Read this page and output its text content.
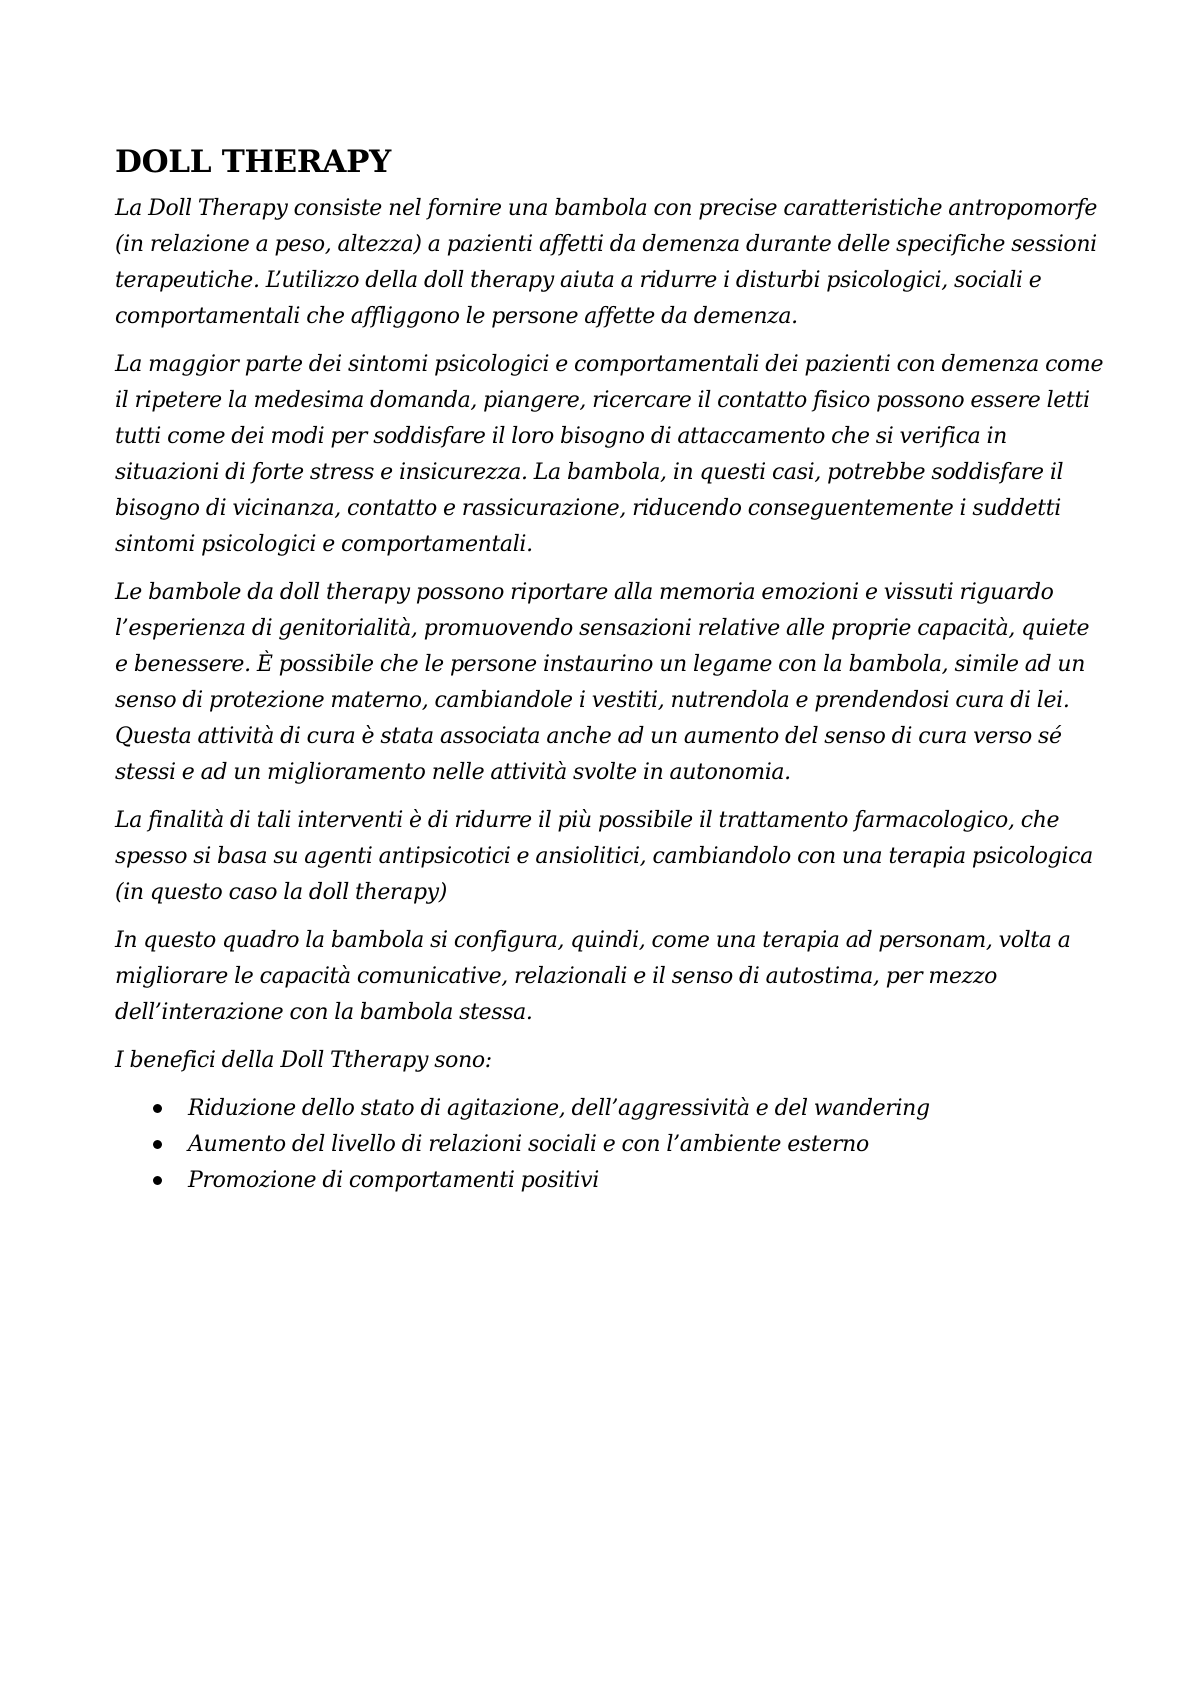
DOLL THERAPY

La Doll Therapy consiste nel fornire una bambola con precise caratteristiche antropomorfe (in relazione a peso, altezza) a pazienti affetti da demenza durante delle specifiche sessioni terapeutiche. L’utilizzo della doll therapy aiuta a ridurre i disturbi psicologici, sociali e comportamentali che affliggono le persone affette da demenza.

La maggior parte dei sintomi psicologici e comportamentali dei pazienti con demenza come il ripetere la medesima domanda, piangere, ricercare il contatto fisico possono essere letti tutti come dei modi per soddisfare il loro bisogno di attaccamento che si verifica in situazioni di forte stress e insicurezza. La bambola, in questi casi, potrebbe soddisfare il bisogno di vicinanza, contatto e rassicurazione, riducendo conseguentemente i suddetti sintomi psicologici e comportamentali.

Le bambole da doll therapy possono riportare alla memoria emozioni e vissuti riguardo l’esperienza di genitorialità, promuovendo sensazioni relative alle proprie capacità, quiete e benessere. È possibile che le persone instaurino un legame con la bambola, simile ad un senso di protezione materno, cambiandole i vestiti, nutrendola e prendendosi cura di lei. Questa attività di cura è stata associata anche ad un aumento del senso di cura verso sé stessi e ad un miglioramento nelle attività svolte in autonomia.

La finalità di tali interventi è di ridurre il più possibile il trattamento farmacologico, che spesso si basa su agenti antipsicotici e ansiolitici, cambiandolo con una terapia psicologica (in questo caso la doll therapy)

In questo quadro la bambola si configura, quindi, come una terapia ad personam, volta a migliorare le capacità comunicative, relazionali e il senso di autostima, per mezzo dell’interazione con la bambola stessa.

I benefici della Doll Ttherapy sono:

Riduzione dello stato di agitazione, dell’aggressività e del wandering
Aumento del livello di relazioni sociali e con l’ambiente esterno
Promozione di comportamenti positivi
